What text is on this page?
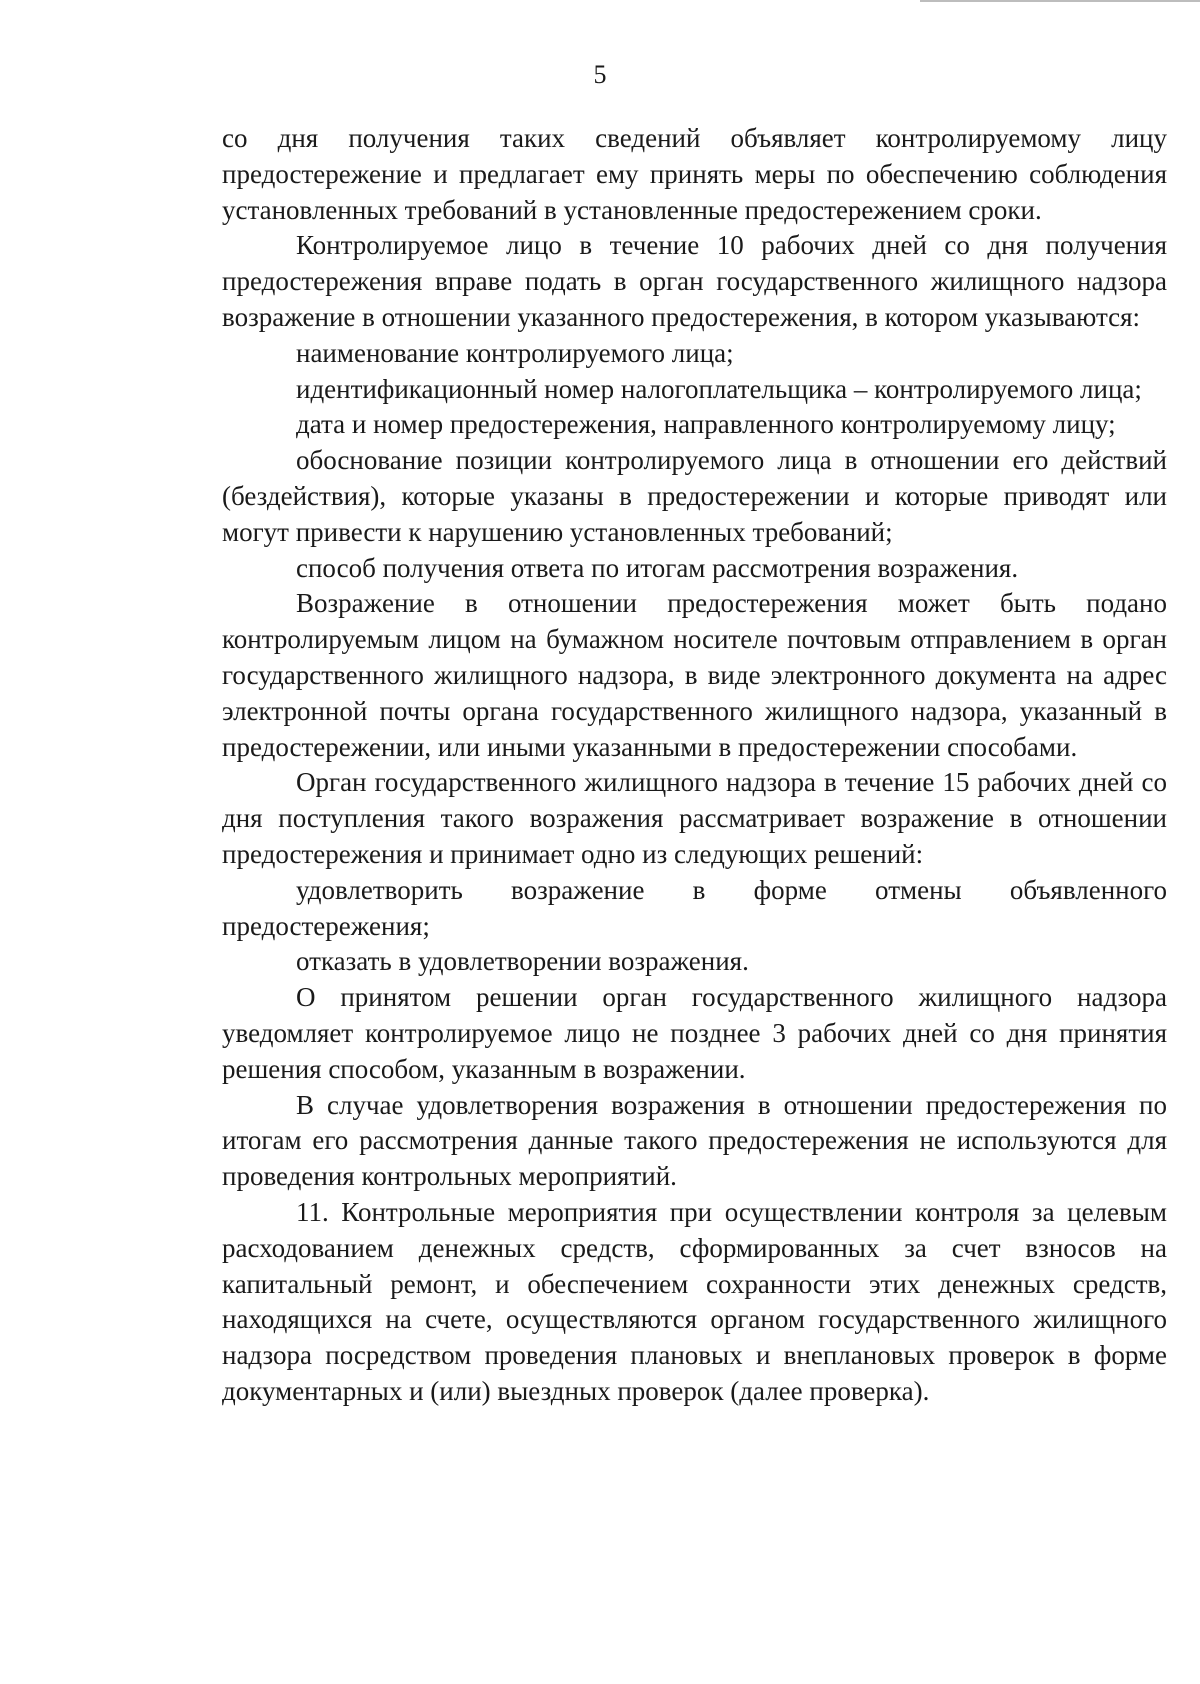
5

со дня получения таких сведений объявляет контролируемому лицу предостережение и предлагает ему принять меры по обеспечению соблюдения установленных требований в установленные предостережением сроки.

Контролируемое лицо в течение 10 рабочих дней со дня получения предостережения вправе подать в орган государственного жилищного надзора возражение в отношении указанного предостережения, в котором указываются:

наименование контролируемого лица;

идентификационный номер налогоплательщика – контролируемого лица;

дата и номер предостережения, направленного контролируемому лицу;

обоснование позиции контролируемого лица в отношении его действий (бездействия), которые указаны в предостережении и которые приводят или могут привести к нарушению установленных требований;

способ получения ответа по итогам рассмотрения возражения.

Возражение в отношении предостережения может быть подано контролируемым лицом на бумажном носителе почтовым отправлением в орган государственного жилищного надзора, в виде электронного документа на адрес электронной почты органа государственного жилищного надзора, указанный в предостережении, или иными указанными в предостережении способами.

Орган государственного жилищного надзора в течение 15 рабочих дней со дня поступления такого возражения рассматривает возражение в отношении предостережения и принимает одно из следующих решений:

удовлетворить возражение в форме отмены объявленного предостережения;

отказать в удовлетворении возражения.

О принятом решении орган государственного жилищного надзора уведомляет контролируемое лицо не позднее 3 рабочих дней со дня принятия решения способом, указанным в возражении.

В случае удовлетворения возражения в отношении предостережения по итогам его рассмотрения данные такого предостережения не используются для проведения контрольных мероприятий.

11. Контрольные мероприятия при осуществлении контроля за целевым расходованием денежных средств, сформированных за счет взносов на капитальный ремонт, и обеспечением сохранности этих денежных средств, находящихся на счете, осуществляются органом государственного жилищного надзора посредством проведения плановых и внеплановых проверок в форме документарных и (или) выездных проверок (далее проверка).
